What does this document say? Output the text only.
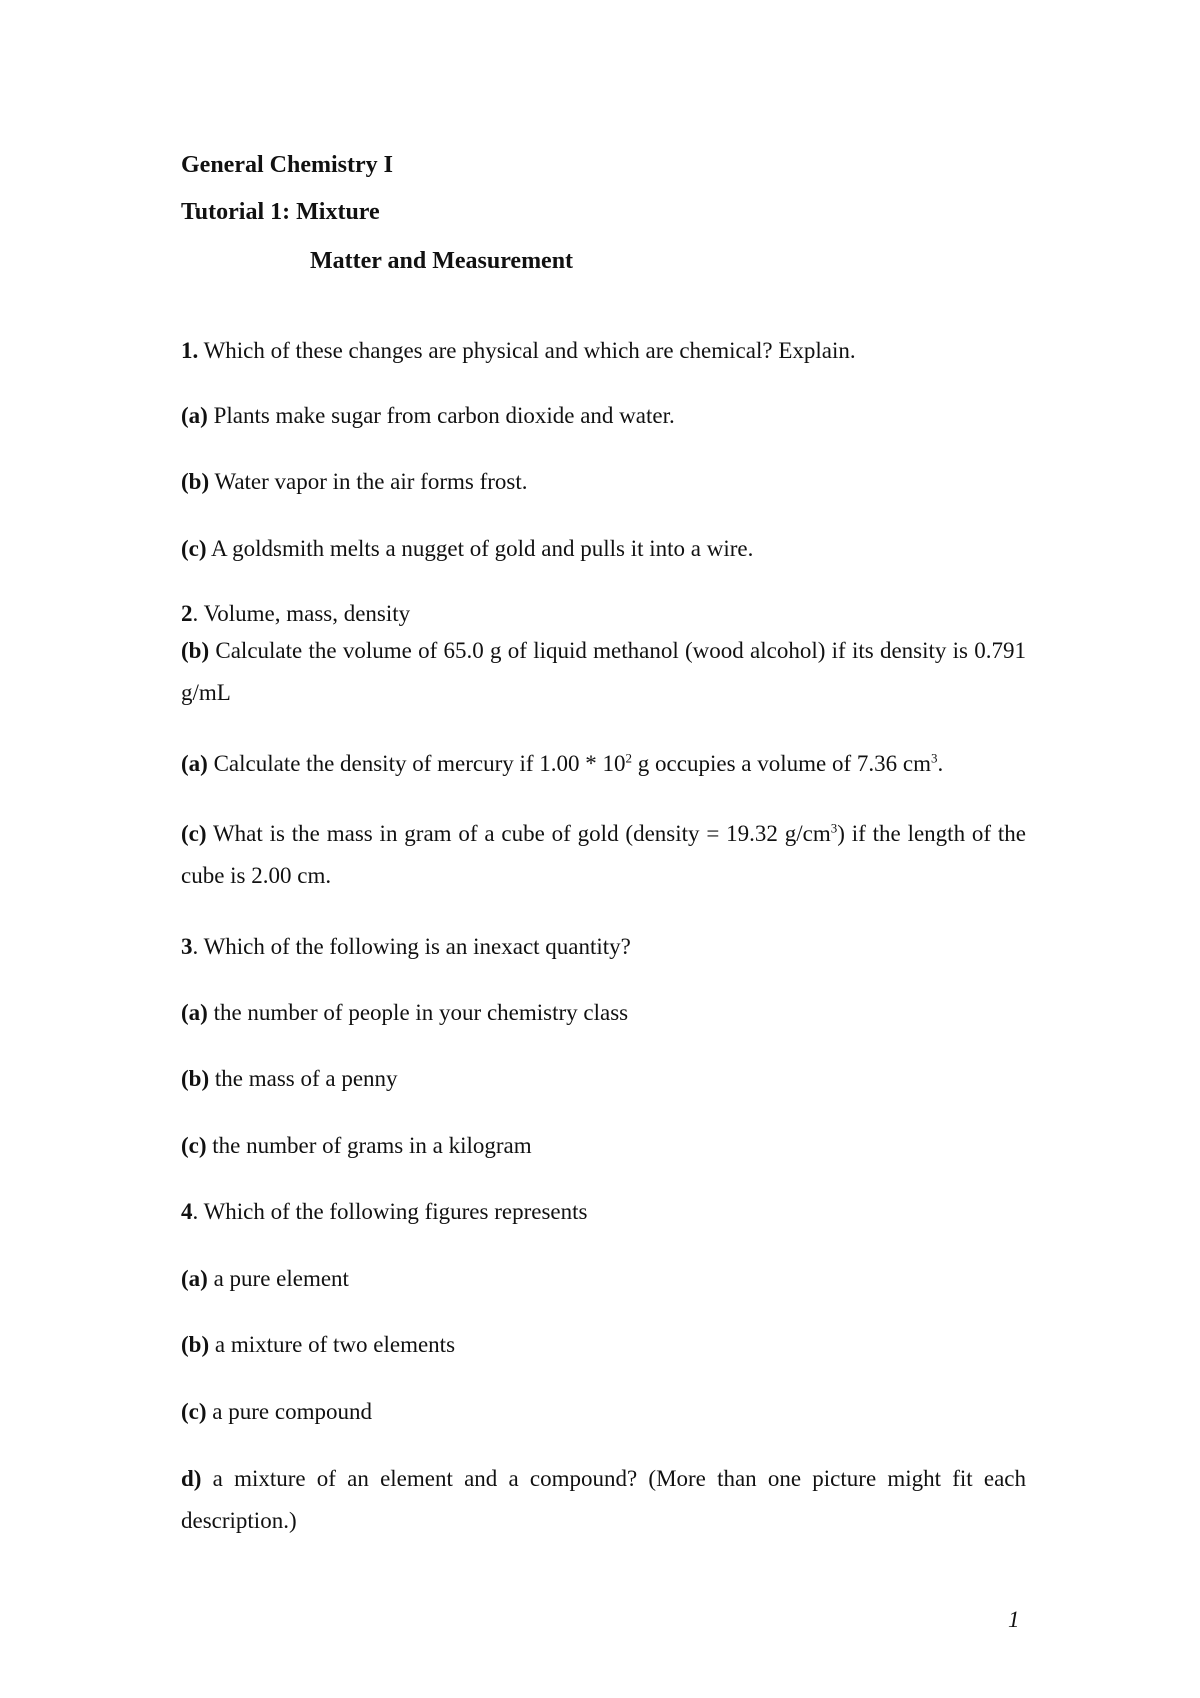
General Chemistry I

Tutorial 1: Mixture

Matter and Measurement

1. Which of these changes are physical and which are chemical? Explain.

(a) Plants make sugar from carbon dioxide and water.

(b) Water vapor in the air forms frost.

(c) A goldsmith melts a nugget of gold and pulls it into a wire.

2. Volume, mass, density

(b) Calculate the volume of 65.0 g of liquid methanol (wood alcohol) if its density is 0.791 g/mL

(a) Calculate the density of mercury if $1.00 * 10^2$ g occupies a volume of 7.36 $cm^3$.

(c) What is the mass in gram of a cube of gold (density = 19.32 $g/cm^3$) if the length of the cube is 2.00 cm.

3. Which of the following is an inexact quantity?

(a) the number of people in your chemistry class

(b) the mass of a penny

(c) the number of grams in a kilogram

4. Which of the following figures represents

(a) a pure element

(b) a mixture of two elements

(c) a pure compound

d) a mixture of an element and a compound? (More than one picture might fit each description.)

1
